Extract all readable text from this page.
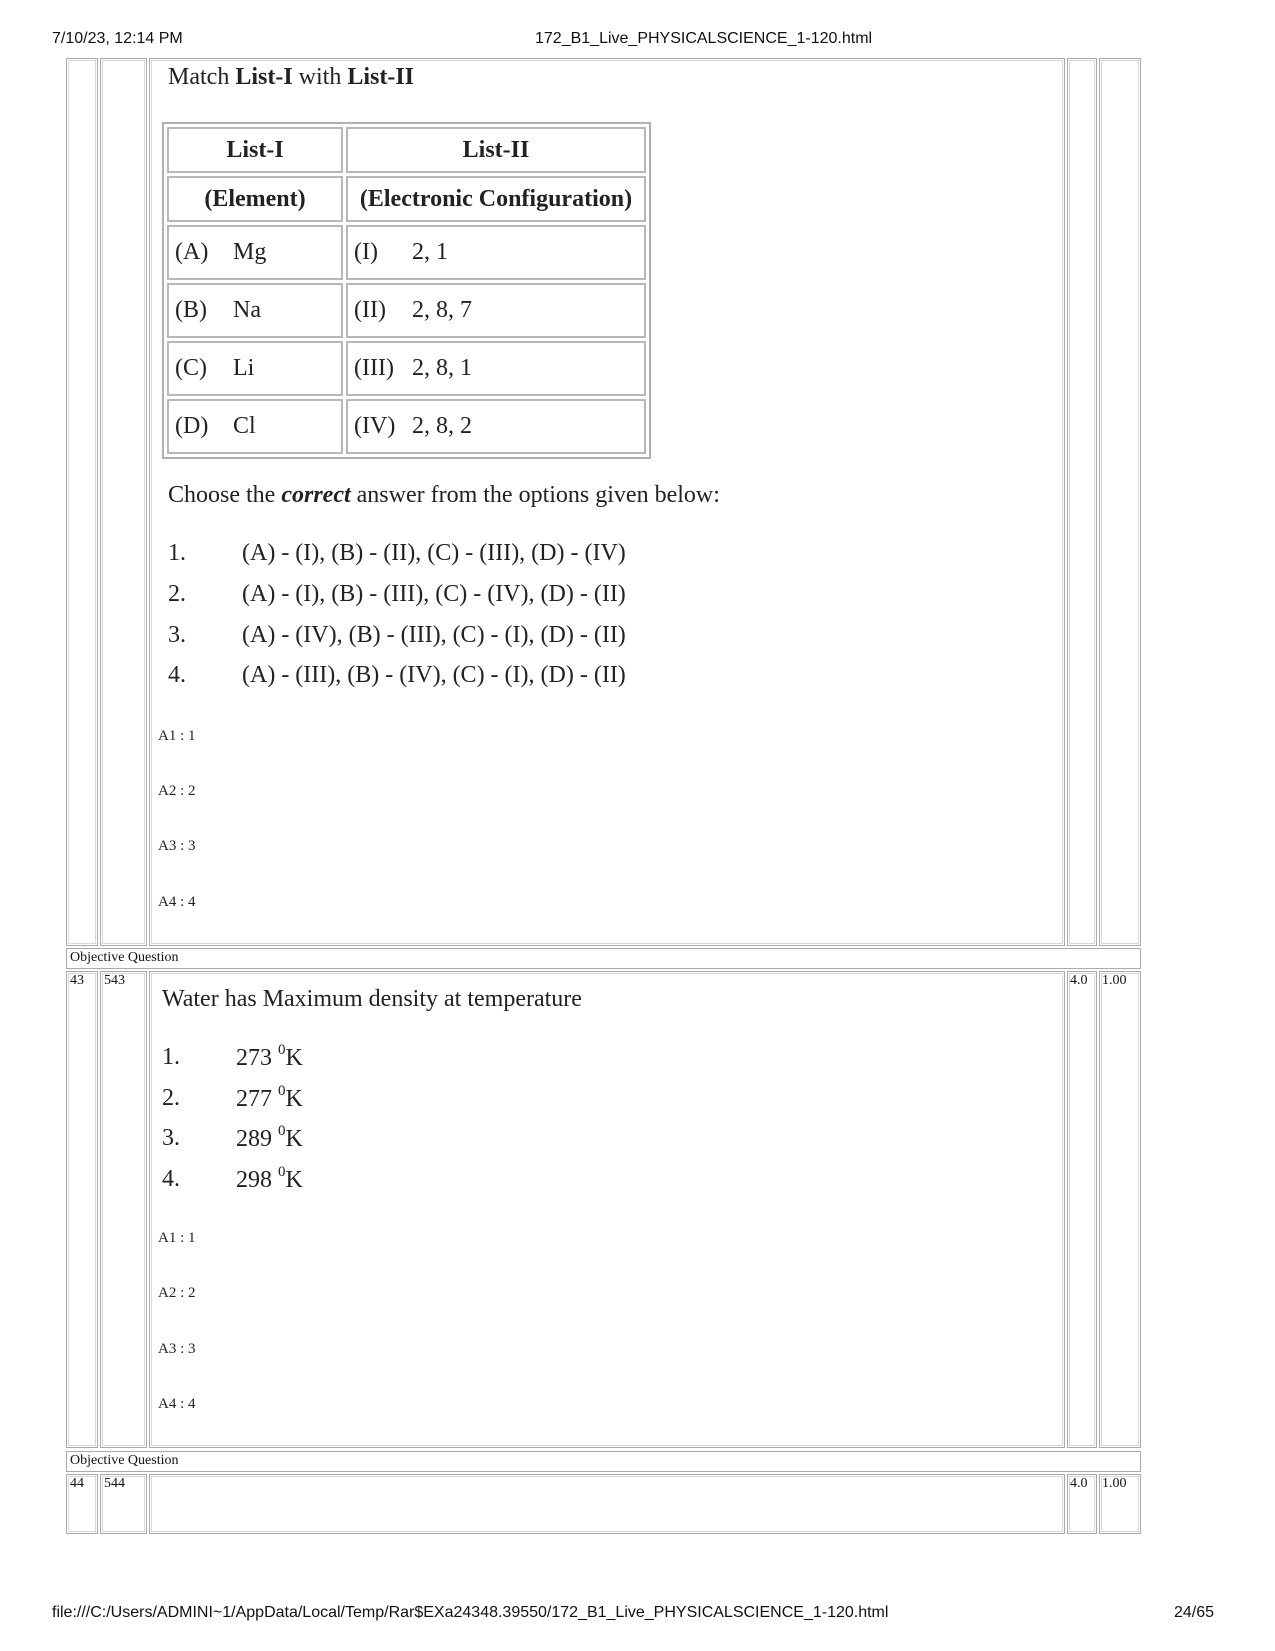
7/10/23, 12:14 PM	172_B1_Live_PHYSICALSCIENCE_1-120.html
Match List-I with List-II
List-I	List-II
(Element)	(Electronic Configuration)
(A) Mg	(I) 2, 1
(B) Na	(II) 2, 8, 7
(C) Li	(III) 2, 8, 1
(D) Cl	(IV) 2, 8, 2
Choose the correct answer from the options given below:
1. (A) - (I), (B) - (II), (C) - (III), (D) - (IV)
2. (A) - (I), (B) - (III), (C) - (IV), (D) - (II)
3. (A) - (IV), (B) - (III), (C) - (I), (D) - (II)
4. (A) - (III), (B) - (IV), (C) - (I), (D) - (II)
A1 : 1
A2 : 2
A3 : 3
A4 : 4
Objective Question
43 543	4.0 1.00
Water has Maximum density at temperature
1. 273 $^0$K
2. 277 $^0$K
3. 289 $^0$K
4. 298 $^0$K
A1 : 1
A2 : 2
A3 : 3
A4 : 4
Objective Question
44 544	4.0 1.00
file:///C:/Users/ADMINI~1/AppData/Local/Temp/Rar$EXa24348.39550/172_B1_Live_PHYSICALSCIENCE_1-120.html	24/65
